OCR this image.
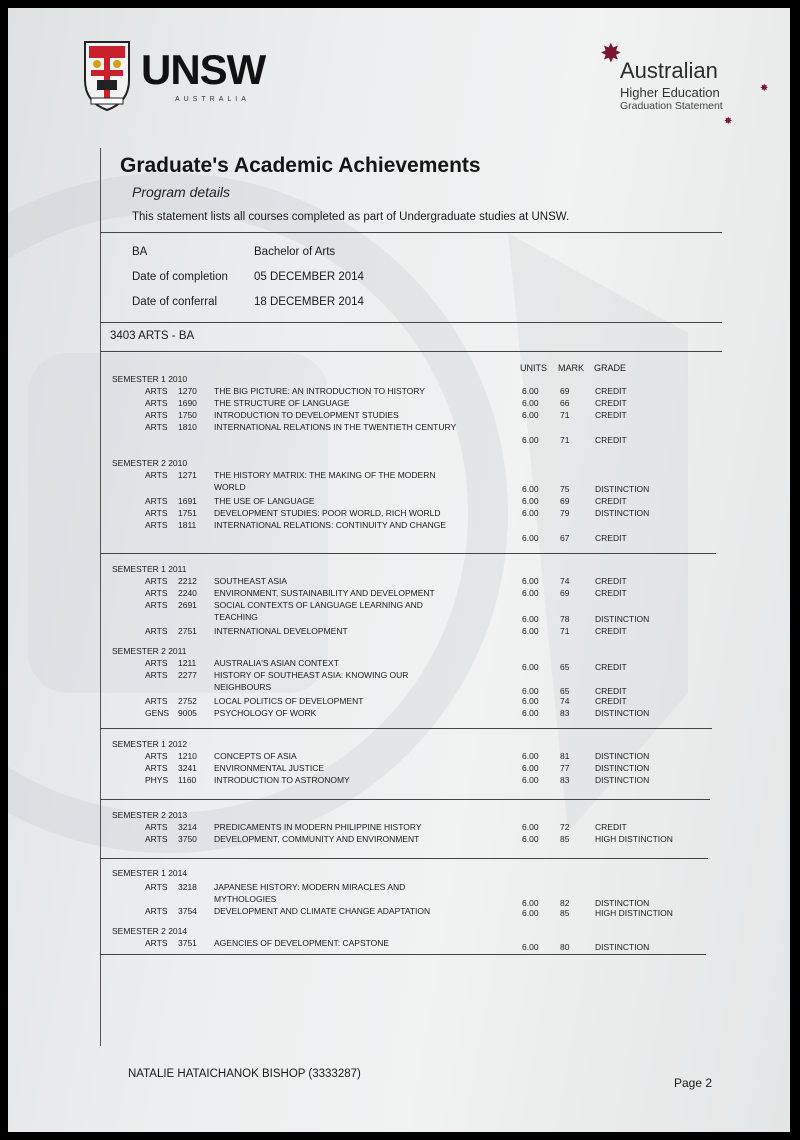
UNSW
AUSTRALIA
✸
Australian
Higher Education
Graduation Statement
✸
✸
Graduate's Academic Achievements
Program details
This statement lists all courses completed as part of Undergraduate studies at UNSW.
BA	Bachelor of Arts
Date of completion 05 DECEMBER 2014
Date of conferral	18 DECEMBER 2014
3403 ARTS - BA
UNITS MARK GRADE
SEMESTER 1 2010
ARTS 1270 THE BIG PICTURE: AN INTRODUCTION TO HISTORY	6.00	69	CREDIT
ARTS 1690 THE STRUCTURE OF LANGUAGE	6.00	66	CREDIT
ARTS 1750 INTRODUCTION TO DEVELOPMENT STUDIES	6.00	71	CREDIT
ARTS 1810 INTERNATIONAL RELATIONS IN THE TWENTIETH CENTURY
6.00	71	CREDIT
SEMESTER 2 2010
ARTS 1271 THE HISTORY MATRIX: THE MAKING OF THE MODERN WORLD	6.00	75	DISTINCTION
ARTS 1691 THE USE OF LANGUAGE	6.00	69	CREDIT
ARTS 1751 DEVELOPMENT STUDIES: POOR WORLD, RICH WORLD	6.00	79	DISTINCTION
ARTS 1811 INTERNATIONAL RELATIONS: CONTINUITY AND CHANGE
6.00	67	CREDIT
SEMESTER 1 2011
ARTS 2212 SOUTHEAST ASIA	6.00	74	CREDIT
ARTS 2240 ENVIRONMENT, SUSTAINABILITY AND DEVELOPMENT	6.00	69	CREDIT
ARTS 2691 SOCIAL CONTEXTS OF LANGUAGE LEARNING AND TEACHING	6.00	78	DISTINCTION
ARTS 2751 INTERNATIONAL DEVELOPMENT	6.00	71	CREDIT
SEMESTER 2 2011
ARTS 1211 AUSTRALIA'S ASIAN CONTEXT	6.00	65	CREDIT
ARTS 2277 HISTORY OF SOUTHEAST ASIA: KNOWING OUR NEIGHBOURS	6.00	65	CREDIT
ARTS 2752 LOCAL POLITICS OF DEVELOPMENT	6.00	74	CREDIT
GENS 9005 PSYCHOLOGY OF WORK	6.00	83	DISTINCTION
SEMESTER 1 2012
ARTS 1210 CONCEPTS OF ASIA	6.00	81	DISTINCTION
ARTS 3241 ENVIRONMENTAL JUSTICE	6.00	77	DISTINCTION
PHYS 1160 INTRODUCTION TO ASTRONOMY	6.00	83	DISTINCTION
SEMESTER 2 2013
ARTS 3214 PREDICAMENTS IN MODERN PHILIPPINE HISTORY	6.00	72	CREDIT
ARTS 3750 DEVELOPMENT, COMMUNITY AND ENVIRONMENT	6.00	85	HIGH DISTINCTION
SEMESTER 1 2014
ARTS 3218 JAPANESE HISTORY: MODERN MIRACLES AND MYTHOLOGIES	6.00	82	DISTINCTION
ARTS 3754 DEVELOPMENT AND CLIMATE CHANGE ADAPTATION	6.00	85	HIGH DISTINCTION
SEMESTER 2 2014
ARTS 3751 AGENCIES OF DEVELOPMENT: CAPSTONE	6.00	80	DISTINCTION
NATALIE HATAICHANOK BISHOP (3333287)
Page 2
